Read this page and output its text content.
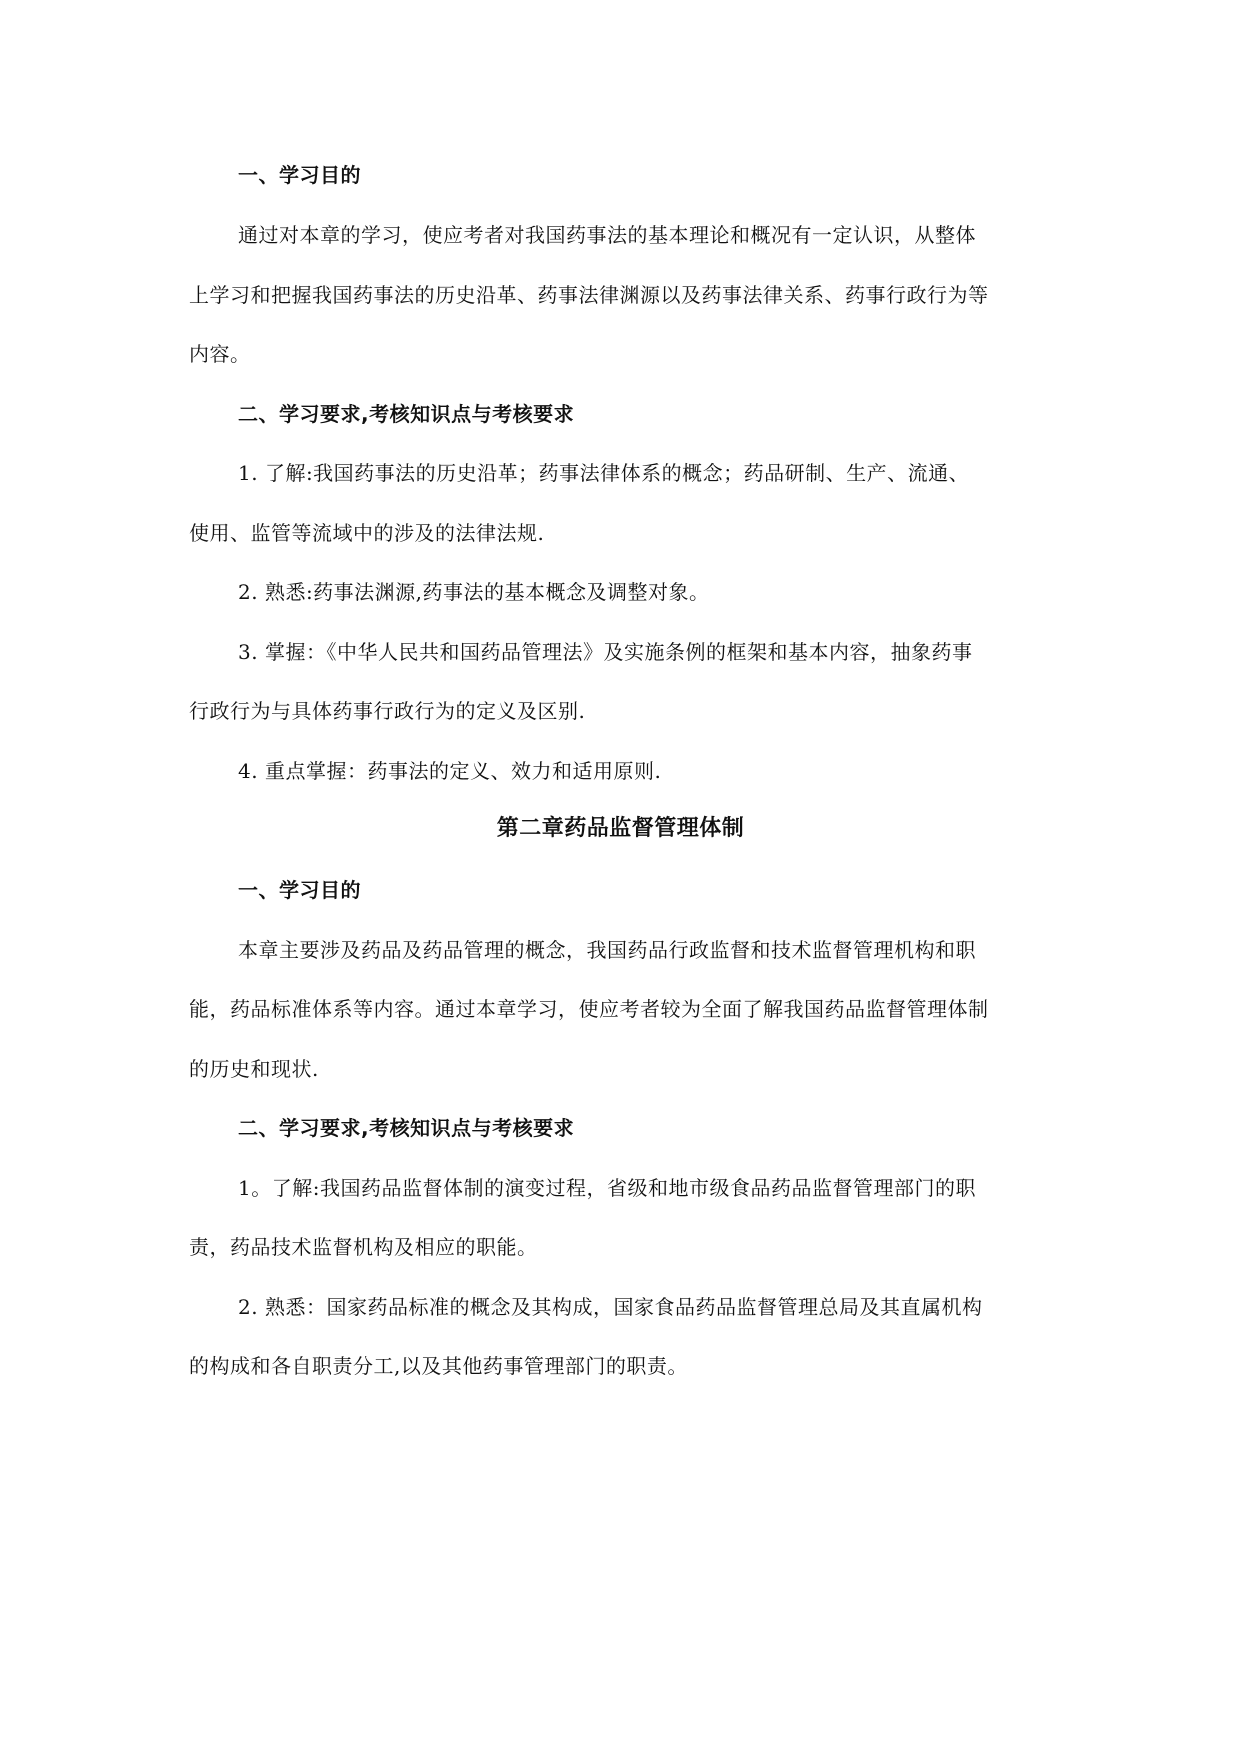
一、学习目的
通过对本章的学习，使应考者对我国药事法的基本理论和概况有一定认识，从整体
上学习和把握我国药事法的历史沿革、药事法律渊源以及药事法律关系、药事行政行为等
内容。
二、学习要求,考核知识点与考核要求
1. 了解:我国药事法的历史沿革；药事法律体系的概念；药品研制、生产、流通、
使用、监管等流域中的涉及的法律法规.
2. 熟悉:药事法渊源,药事法的基本概念及调整对象。
3. 掌握：《中华人民共和国药品管理法》及实施条例的框架和基本内容，抽象药事
行政行为与具体药事行政行为的定义及区别.
4. 重点掌握：药事法的定义、效力和适用原则.
第二章药品监督管理体制
一、学习目的
本章主要涉及药品及药品管理的概念，我国药品行政监督和技术监督管理机构和职
能，药品标准体系等内容。通过本章学习，使应考者较为全面了解我国药品监督管理体制
的历史和现状.
二、学习要求,考核知识点与考核要求
1。了解:我国药品监督体制的演变过程，省级和地市级食品药品监督管理部门的职
责，药品技术监督机构及相应的职能。
2. 熟悉：国家药品标准的概念及其构成，国家食品药品监督管理总局及其直属机构
的构成和各自职责分工,以及其他药事管理部门的职责。
